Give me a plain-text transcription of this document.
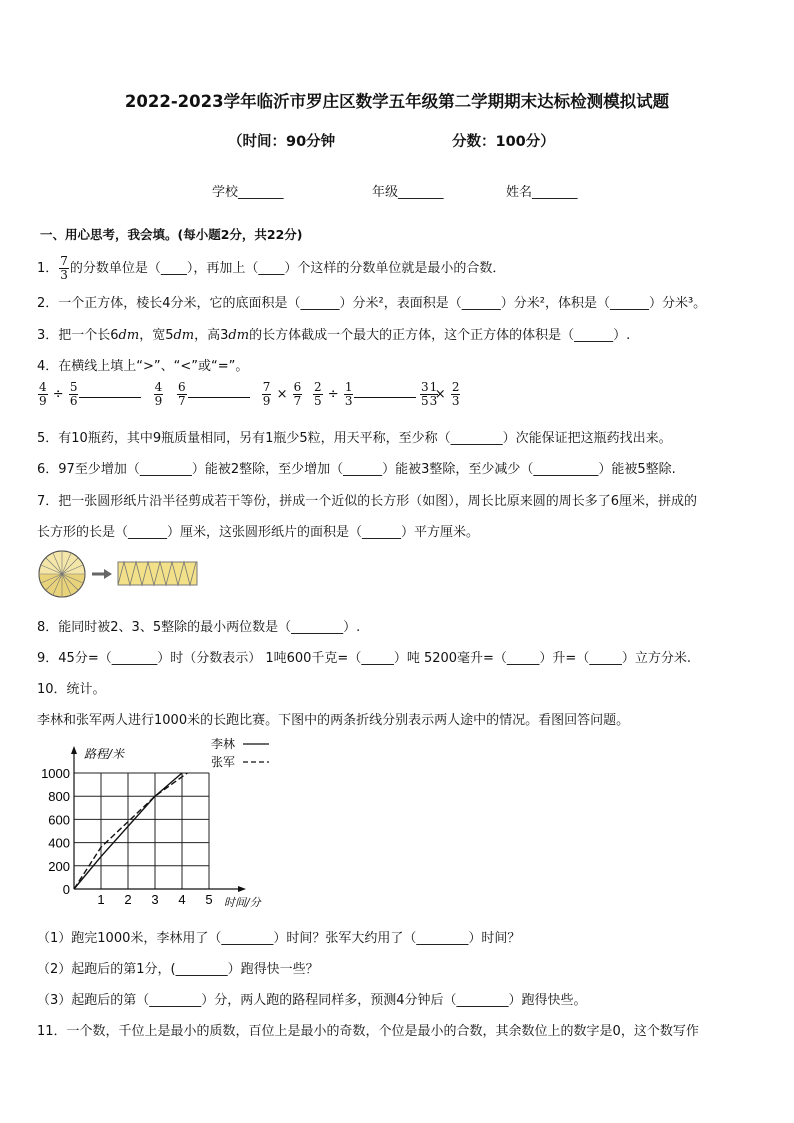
2022-2023学年临沂市罗庄区数学五年级第二学期期末达标检测模拟试题
（时间：90分钟	分数：100分）
学校_______	年级_______	姓名_______
一、用心思考，我会填。(每小题2分，共22分)
1． $\frac{7}{3}$ 的分数单位是（____），再加上（____）个这样的分数单位就是最小的合数．
2．一个正方体，棱长4分米，它的底面积是（______）分米²，表面积是（______）分米²，体积是（______）分米³。
3．把一个长6dm，宽5dm，高3dm的长方体截成一个最大的正方体，这个正方体的体积是（______）.
4．在横线上填上“>”、“<”或“=”。
$\frac{4}{9} \div \frac{5}{6}$
	$\frac{4}{9} \frac{6}{7}$
	$\frac{7}{9} \times \frac{6}{7} \frac{2}{5} \div \frac{1}{3}$
	$\frac{1}{3}$
$\frac{3}{5} \times \frac{2}{3}$
5．有10瓶药，其中9瓶质量相同，另有1瓶少5粒，用天平称，至少称（________）次能保证把这瓶药找出来。
6．97至少增加（________）能被2整除，至少增加（______）能被3整除，至少减少（__________）能被5整除.
7．把一张圆形纸片沿半径剪成若干等份，拼成一个近似的长方形（如图），周长比原来圆的周长多了6厘米，拼成的
长方形的长是（______）厘米，这张圆形纸片的面积是（______）平方厘米。
8．能同时被2、3、5整除的最小两位数是（________）.
9．45分=（_______）时（分数表示） 1吨600千克=（_____）吨 5200毫升=（_____）升=（_____）立方分米.
10．统计。
李林和张军两人进行1000米的长跑比赛。下图中的两条折线分别表示两人途中的情况。看图回答问题。
0
200
400
600
800
1000
1 2 3 4 5
李林
张军
路程/米
时间/分
（1）跑完1000米，李林用了（________）时间？张军大约用了（________）时间？
（2）起跑后的第1分，(________）跑得快一些？
（3）起跑后的第（________）分，两人跑的路程同样多，预测4分钟后（________）跑得快些。
11．一个数，千位上是最小的质数，百位上是最小的奇数，个位是最小的合数，其余数位上的数字是0，这个数写作
